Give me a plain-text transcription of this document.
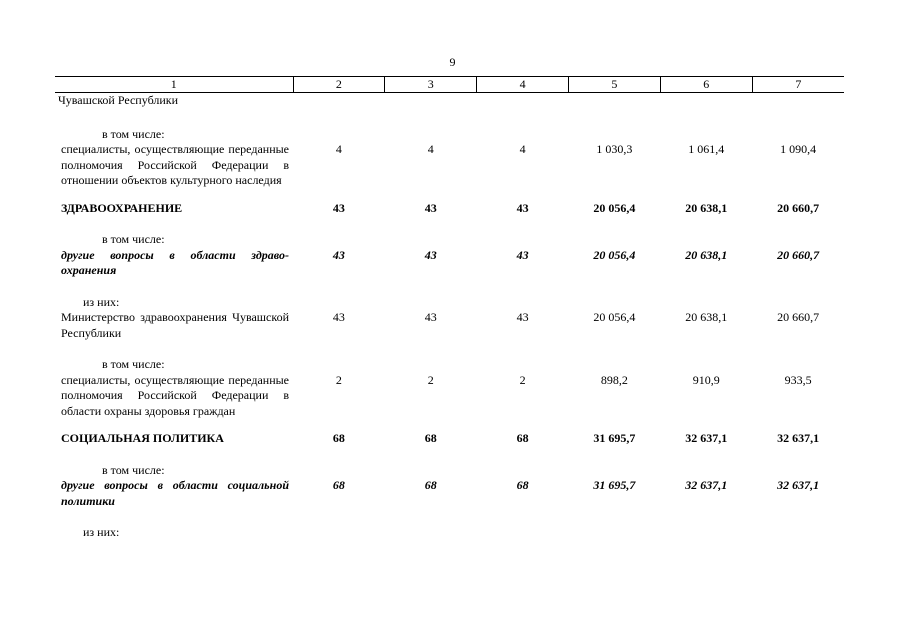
9
1	2	3	4	5	6	7
Чувашской Республики						

в том числе:						

специалисты, осуществляющие переданные полномочия Российской Федерации в отношении объектов культурного наследия	4	4	4	1 030,3	1 061,4	1 090,4

ЗДРАВООХРАНЕНИЕ	43	43	43	20 056,4	20 638,1	20 660,7

в том числе:						

другие вопросы в области здравоохранения	43	43	43	20 056,4	20 638,1	20 660,7

из них:						

Министерство здравоохранения Чувашской Республики	43	43	43	20 056,4	20 638,1	20 660,7

в том числе:						

специалисты, осуществляющие переданные полномочия Российской Федерации в области охраны здоровья граждан	2	2	2	898,2	910,9	933,5

СОЦИАЛЬНАЯ ПОЛИТИКА	68	68	68	31 695,7	32 637,1	32 637,1

в том числе:						

другие вопросы в области социальной политики	68	68	68	31 695,7	32 637,1	32 637,1

из них:						
